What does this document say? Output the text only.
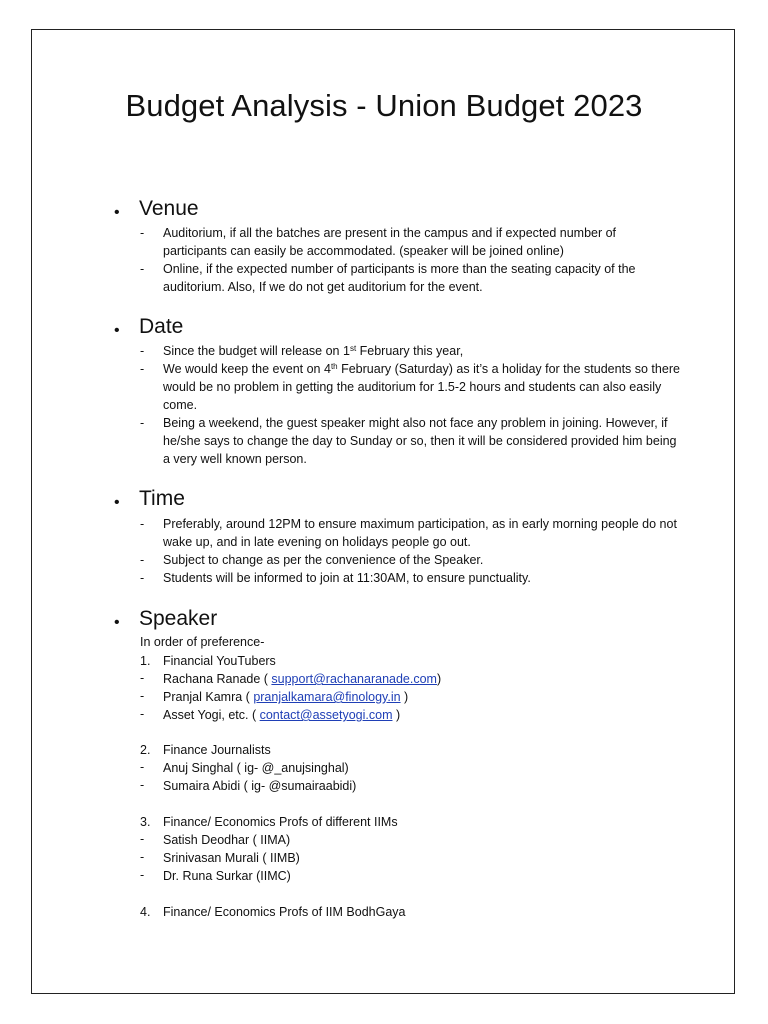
Budget Analysis - Union Budget 2023
• Venue
- Auditorium, if all the batches are present in the campus and if expected number of participants can easily be accommodated. (speaker will be joined online)
- Online, if the expected number of participants is more than the seating capacity of the auditorium. Also, If we do not get auditorium for the event.
• Date
- Since the budget will release on 1st February this year,
- We would keep the event on 4th February (Saturday) as it’s a holiday for the students so there would be no problem in getting the auditorium for 1.5-2 hours and students can also easily come.
- Being a weekend, the guest speaker might also not face any problem in joining. However, if he/she says to change the day to Sunday or so, then it will be considered provided him being a very well known person.
• Time
- Preferably, around 12PM to ensure maximum participation, as in early morning people do not wake up, and in late evening on holidays people go out.
- Subject to change as per the convenience of the Speaker.
- Students will be informed to join at 11:30AM, to ensure punctuality.
• Speaker
In order of preference-
1. Financial YouTubers
- Rachana Ranade ( support@rachanaranade.com)
- Pranjal Kamra ( pranjalkamara@finology.in )
- Asset Yogi, etc. ( contact@assetyogi.com )
2. Finance Journalists
- Anuj Singhal ( ig- @_anujsinghal)
- Sumaira Abidi ( ig- @sumairaabidi)
3. Finance/ Economics Profs of different IIMs
- Satish Deodhar ( IIMA)
- Srinivasan Murali ( IIMB)
- Dr. Runa Surkar (IIMC)
4. Finance/ Economics Profs of IIM BodhGaya
